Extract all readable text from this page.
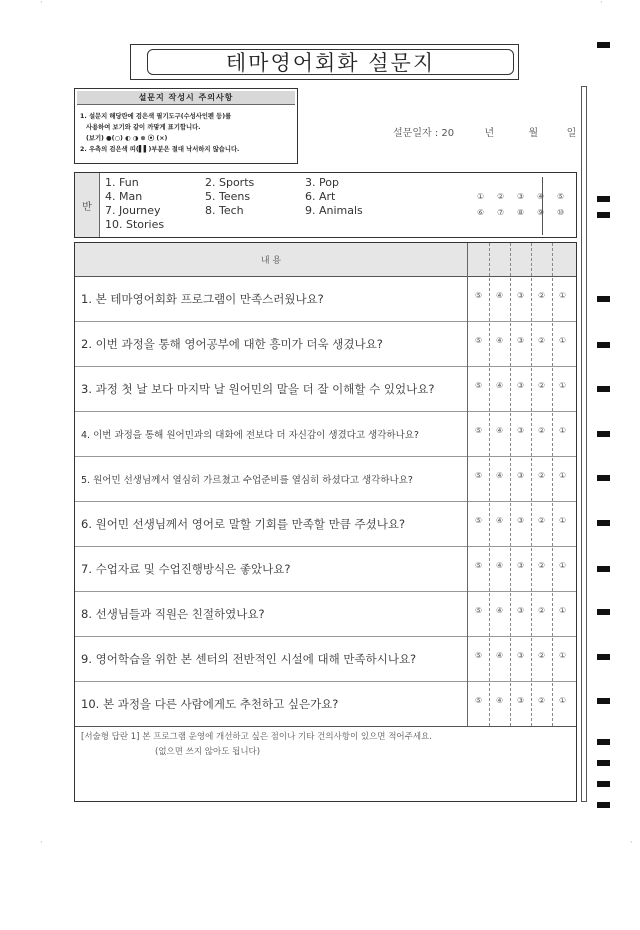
·	·
·	·
테마영어회화 설문지
설문지 작성시 주의사항
1. 설문지 해당란에 검은색 필기도구(수성사인펜 등)를
사용하여 보기와 같이 까맣게 표기합니다.
(보기) ●(○) ◐ ◑ ⊗ ⦿ (×)
2. 우측의 검은색 띠(▌▌)부분은 절대 낙서하지 않습니다.
설문일자 : 20	년	월	일
반
1. Fun	2. Sports	3. Pop
4. Man	5. Teens	6. Art
7. Journey	8. Tech	9. Animals
10. Stories
① ② ③ ④ ⑤
⑥ ⑦ ⑧ ⑨ ⑩
내 용
1. 본 테마영어회화 프로그램이 만족스러웠나요?	⑤ ④ ③ ② ①
2. 이번 과정을 통해 영어공부에 대한 흥미가 더욱 생겼나요?	⑤ ④ ③ ② ①
3. 과정 첫 날 보다 마지막 날 원어민의 말을 더 잘 이해할 수 있었나요?	⑤ ④ ③ ② ①
4. 이번 과정을 통해 원어민과의 대화에 전보다 더 자신감이 생겼다고 생각하나요?	⑤ ④ ③ ② ①
5. 원어민 선생님께서 열심히 가르쳤고 수업준비를 열심히 하셨다고 생각하나요?	⑤ ④ ③ ② ①
6. 원어민 선생님께서 영어로 말할 기회를 만족할 만큼 주셨나요?	⑤ ④ ③ ② ①
7. 수업자료 및 수업진행방식은 좋았나요?	⑤ ④ ③ ② ①
8. 선생님들과 직원은 친절하였나요?	⑤ ④ ③ ② ①
9. 영어학습을 위한 본 센터의 전반적인 시설에 대해 만족하시나요?	⑤ ④ ③ ② ①
10. 본 과정을 다른 사람에게도 추천하고 싶은가요?	⑤ ④ ③ ② ①
[서술형 답란 1] 본 프로그램 운영에 개선하고 싶은 점이나 기타 건의사항이 있으면 적어주세요.
(없으면 쓰지 않아도 됩니다)
